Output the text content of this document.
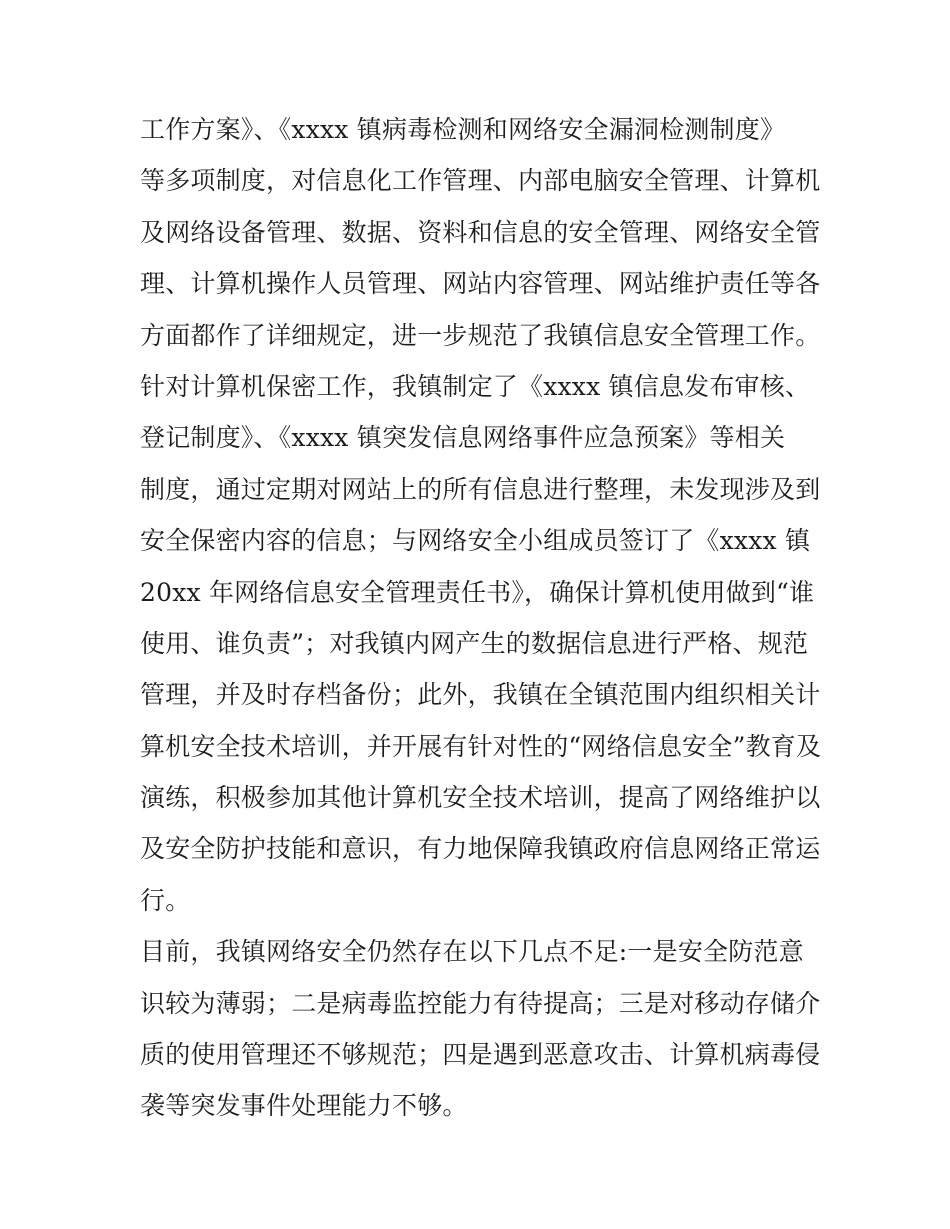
工作方案》、《xxxx 镇病毒检测和网络安全漏洞检测制度》
等多项制度，对信息化工作管理、内部电脑安全管理、计算机
及网络设备管理、数据、资料和信息的安全管理、网络安全管
理、计算机操作人员管理、网站内容管理、网站维护责任等各
方面都作了详细规定，进一步规范了我镇信息安全管理工作。
针对计算机保密工作，我镇制定了《xxxx 镇信息发布审核、
登记制度》、《xxxx 镇突发信息网络事件应急预案》等相关
制度，通过定期对网站上的所有信息进行整理，未发现涉及到
安全保密内容的信息；与网络安全小组成员签订了《xxxx 镇
20xx 年网络信息安全管理责任书》，确保计算机使用做到“谁
使用、谁负责”；对我镇内网产生的数据信息进行严格、规范
管理，并及时存档备份；此外，我镇在全镇范围内组织相关计
算机安全技术培训，并开展有针对性的“网络信息安全”教育及
演练，积极参加其他计算机安全技术培训，提高了网络维护以
及安全防护技能和意识，有力地保障我镇政府信息网络正常运
行。
目前，我镇网络安全仍然存在以下几点不足:一是安全防范意
识较为薄弱；二是病毒监控能力有待提高；三是对移动存储介
质的使用管理还不够规范；四是遇到恶意攻击、计算机病毒侵
袭等突发事件处理能力不够。
